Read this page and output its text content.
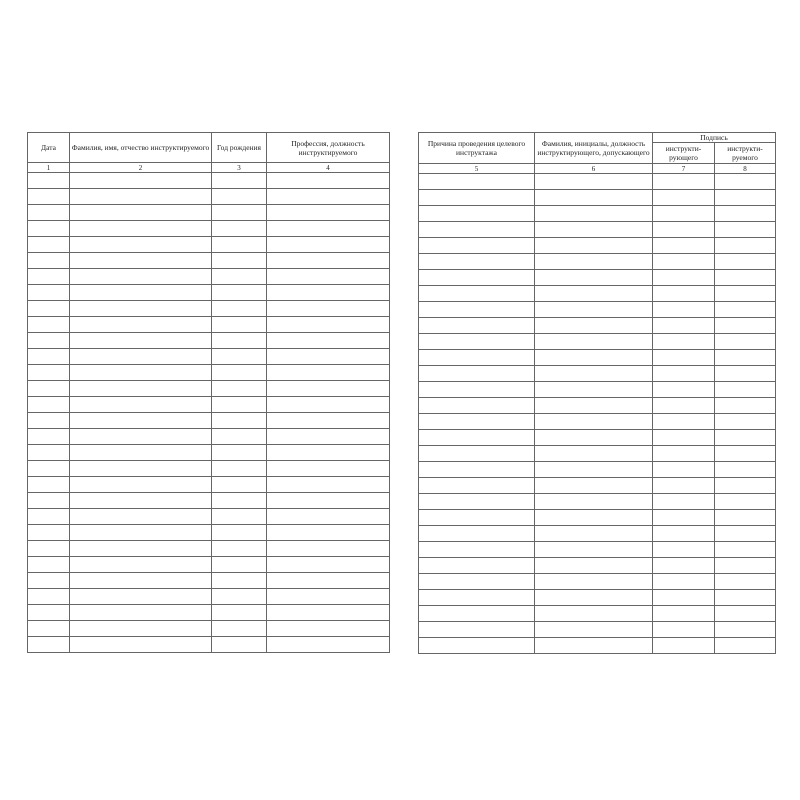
Дата	Фамилия, имя, отчество инструктируемого	Год рождения	Профессия, должность инструктируемого
1	2	3	4

Причина проведения целевого инструктажа	Фамилия, инициалы, должность инструктирующего, допускающего	Подпись	
		инструкти-рующего	инструкти-руемого
5	6	7	8
